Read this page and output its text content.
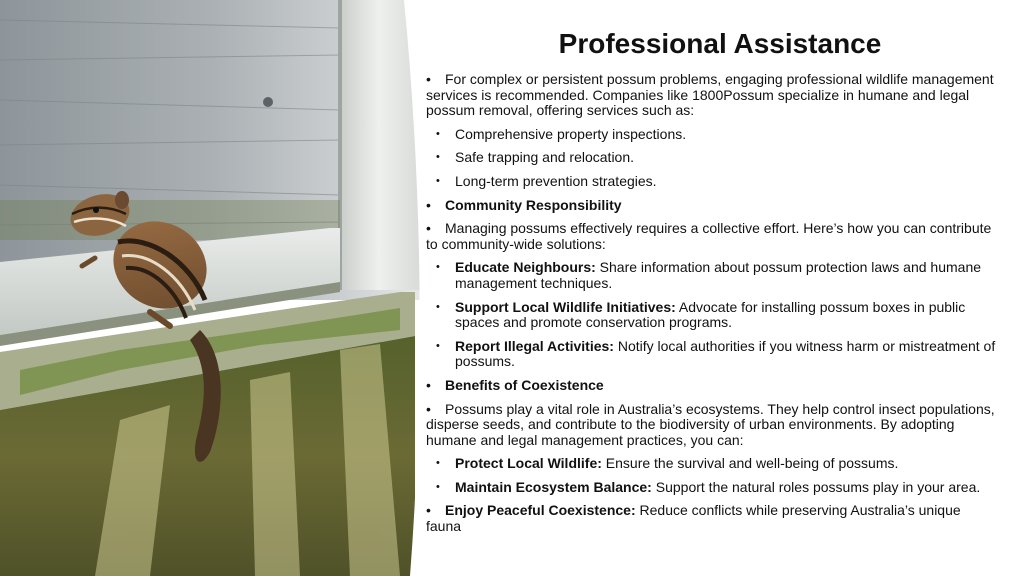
Professional Assistance
• For complex or persistent possum problems, engaging professional wildlife management services is recommended. Companies like 1800Possum specialize in humane and legal possum removal, offering services such as:
• Comprehensive property inspections.
• Safe trapping and relocation.
• Long-term prevention strategies.
• Community Responsibility
• Managing possums effectively requires a collective effort. Here’s how you can contribute to community-wide solutions:
• Educate Neighbours: Share information about possum protection laws and humane management techniques.
• Support Local Wildlife Initiatives: Advocate for installing possum boxes in public spaces and promote conservation programs.
• Report Illegal Activities: Notify local authorities if you witness harm or mistreatment of possums.
• Benefits of Coexistence
• Possums play a vital role in Australia’s ecosystems. They help control insect populations, disperse seeds, and contribute to the biodiversity of urban environments. By adopting humane and legal management practices, you can:
• Protect Local Wildlife: Ensure the survival and well-being of possums.
• Maintain Ecosystem Balance: Support the natural roles possums play in your area.
• Enjoy Peaceful Coexistence: Reduce conflicts while preserving Australia’s unique fauna
